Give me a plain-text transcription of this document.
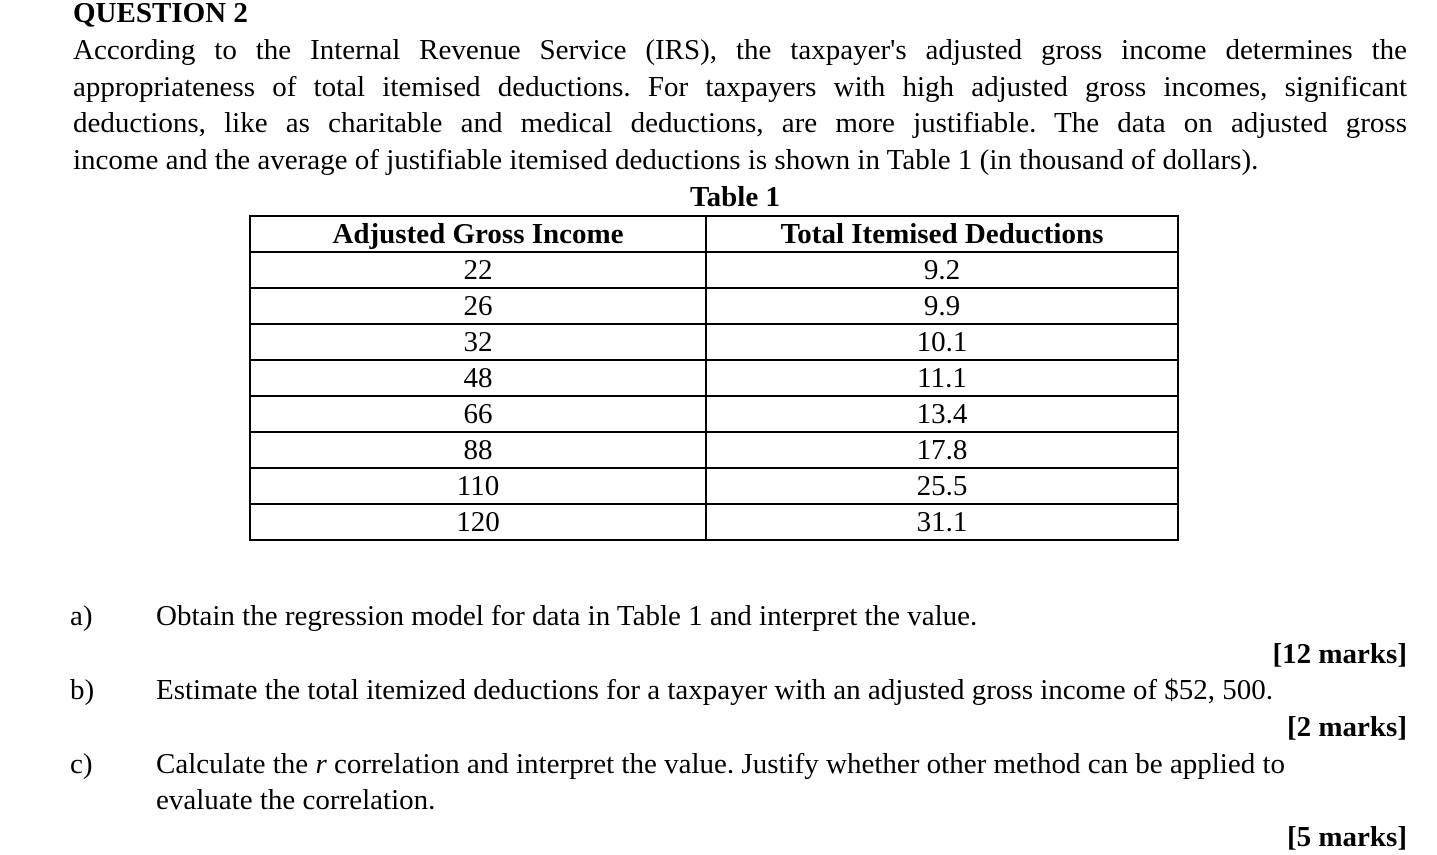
QUESTION 2
According to the Internal Revenue Service (IRS), the taxpayer's adjusted gross income determines the
appropriateness of total itemised deductions. For taxpayers with high adjusted gross incomes, significant
deductions, like as charitable and medical deductions, are more justifiable. The data on adjusted gross
income and the average of justifiable itemised deductions is shown in Table 1 (in thousand of dollars).
Table 1
Adjusted Gross Income	Total Itemised Deductions
22	9.2
26	9.9
32	10.1
48	11.1
66	13.4
88	17.8
110	25.5
120	31.1
a) Obtain the regression model for data in Table 1 and interpret the value.
[12 marks]
b) Estimate the total itemized deductions for a taxpayer with an adjusted gross income of $52, 500.
[2 marks]
c) Calculate the r correlation and interpret the value. Justify whether other method can be applied to
evaluate the correlation.
[5 marks]
